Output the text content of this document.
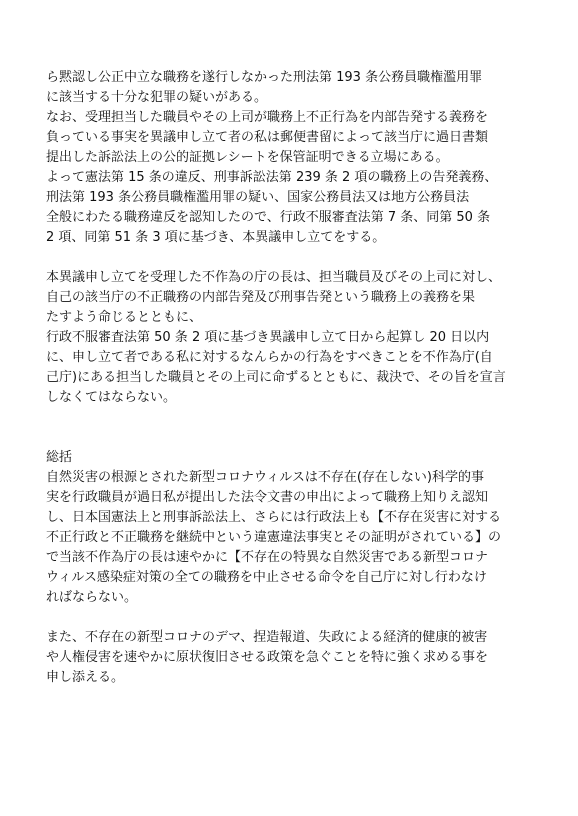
ら黙認し公正中立な職務を遂行しなかった刑法第 193 条公務員職権濫用罪
に該当する十分な犯罪の疑いがある。
なお、受理担当した職員やその上司が職務上不正行為を内部告発する義務を
負っている事実を異議申し立て者の私は郵便書留によって該当庁に過日書類
提出した訴訟法上の公的証拠レシートを保管証明できる立場にある。
よって憲法第 15 条の違反、刑事訴訟法第 239 条 2 項の職務上の告発義務、
刑法第 193 条公務員職権濫用罪の疑い、国家公務員法又は地方公務員法
全般にわたる職務違反を認知したので、行政不服審査法第 7 条、同第 50 条
2 項、同第 51 条 3 項に基づき、本異議申し立てをする。
本異議申し立てを受理した不作為の庁の長は、担当職員及びその上司に対し、
自己の該当庁の不正職務の内部告発及び刑事告発という職務上の義務を果
たすよう命じるとともに、
行政不服審査法第 50 条 2 項に基づき異議申し立て日から起算し 20 日以内
に、申し立て者である私に対するなんらかの行為をすべきことを不作為庁(自
己庁)にある担当した職員とその上司に命ずるとともに、裁決で、その旨を宣言
しなくてはならない。
総括
自然災害の根源とされた新型コロナウィルスは不存在(存在しない)科学的事
実を行政職員が過日私が提出した法令文書の申出によって職務上知りえ認知
し、日本国憲法上と刑事訴訟法上、さらには行政法上も【不存在災害に対する
不正行政と不正職務を継続中という違憲違法事実とその証明がされている】の
で当該不作為庁の長は速やかに【不存在の特異な自然災害である新型コロナ
ウィルス感染症対策の全ての職務を中止させる命令を自己庁に対し行わなけ
ればならない。
また、不存在の新型コロナのデマ、捏造報道、失政による経済的健康的被害
や人権侵害を速やかに原状復旧させる政策を急ぐことを特に強く求める事を
申し添える。
